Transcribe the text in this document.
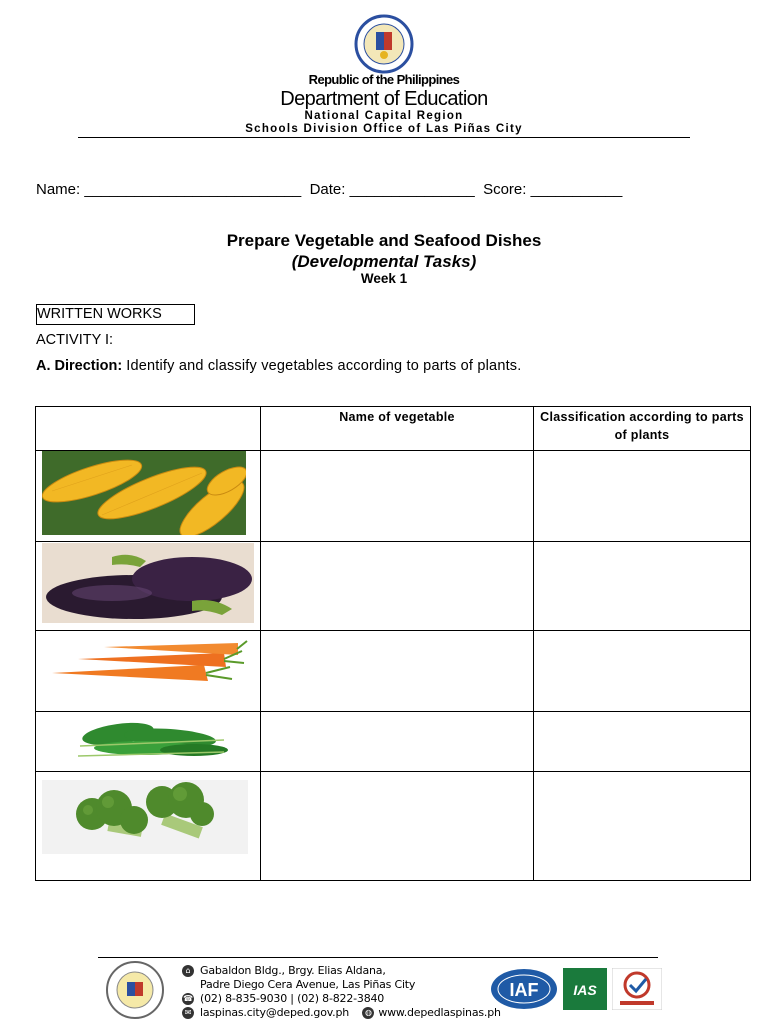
Republic of the Philippines
Department of Education
National Capital Region
Schools Division Office of Las Piñas City
Name: __________________________  Date: _______________  Score: ___________
Prepare Vegetable and Seafood Dishes
(Developmental Tasks)
Week 1
WRITTEN WORKS
ACTIVITY I:
A. Direction: Identify and classify vegetables according to parts of plants.
	Name of vegetable	Classification according to parts of plants

⌂ Gabaldon Bldg., Brgy. Elias Aldana,
Padre Diego Cera Avenue, Las Piñas City
☎ (02) 8-835-9030 | (02) 8-822-3840
✉ laspinas.city@deped.gov.ph	◍ www.depedlaspinas.ph
IAF IAS
